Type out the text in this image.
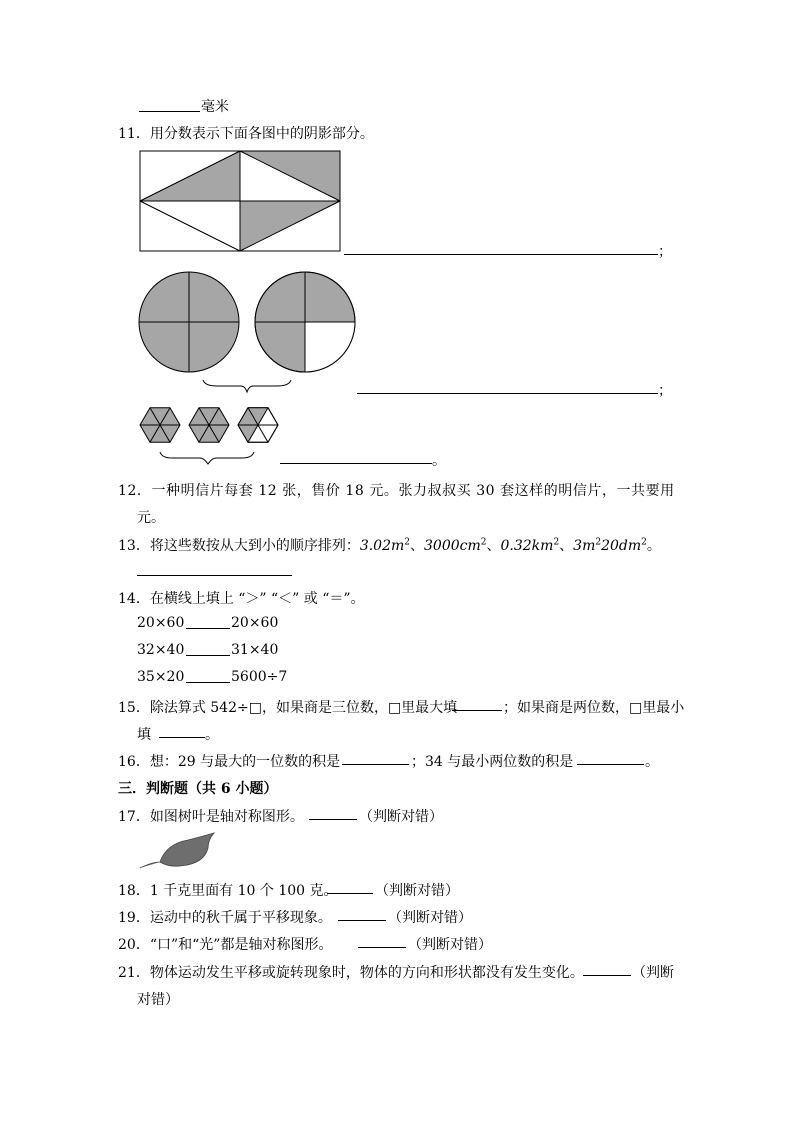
毫米
11．用分数表示下面各图中的阴影部分。
；
；
。
12．一种明信片每套 12 张，售价 18 元。张力叔叔买 30 套这样的明信片，一共要用
元。
13．将这些数按从大到小的顺序排列：$3.02m^2$、$3000cm^2$、$0.32km^2$、$3m^220dm^2$。
14．在横线上填上 “＞” “＜” 或 “＝”。
20×60	20×60
32×40	31×40
35×20	5600÷7
15．除法算式 542÷□，如果商是三位数，□里最大填	；如果商是两位数，□里最小
填	。
16．想：29 与最大的一位数的积是	；34 与最小两位数的积是	。
三．判断题（共 6 小题）
17．如图树叶是轴对称图形。	（判断对错）
18．1 千克里面有 10 个 100 克。	（判断对错）
19．运动中的秋千属于平移现象。	（判断对错）
20．“口”和“光”都是轴对称图形。	（判断对错）
21．物体运动发生平移或旋转现象时，物体的方向和形状都没有发生变化。	（判断
对错）
